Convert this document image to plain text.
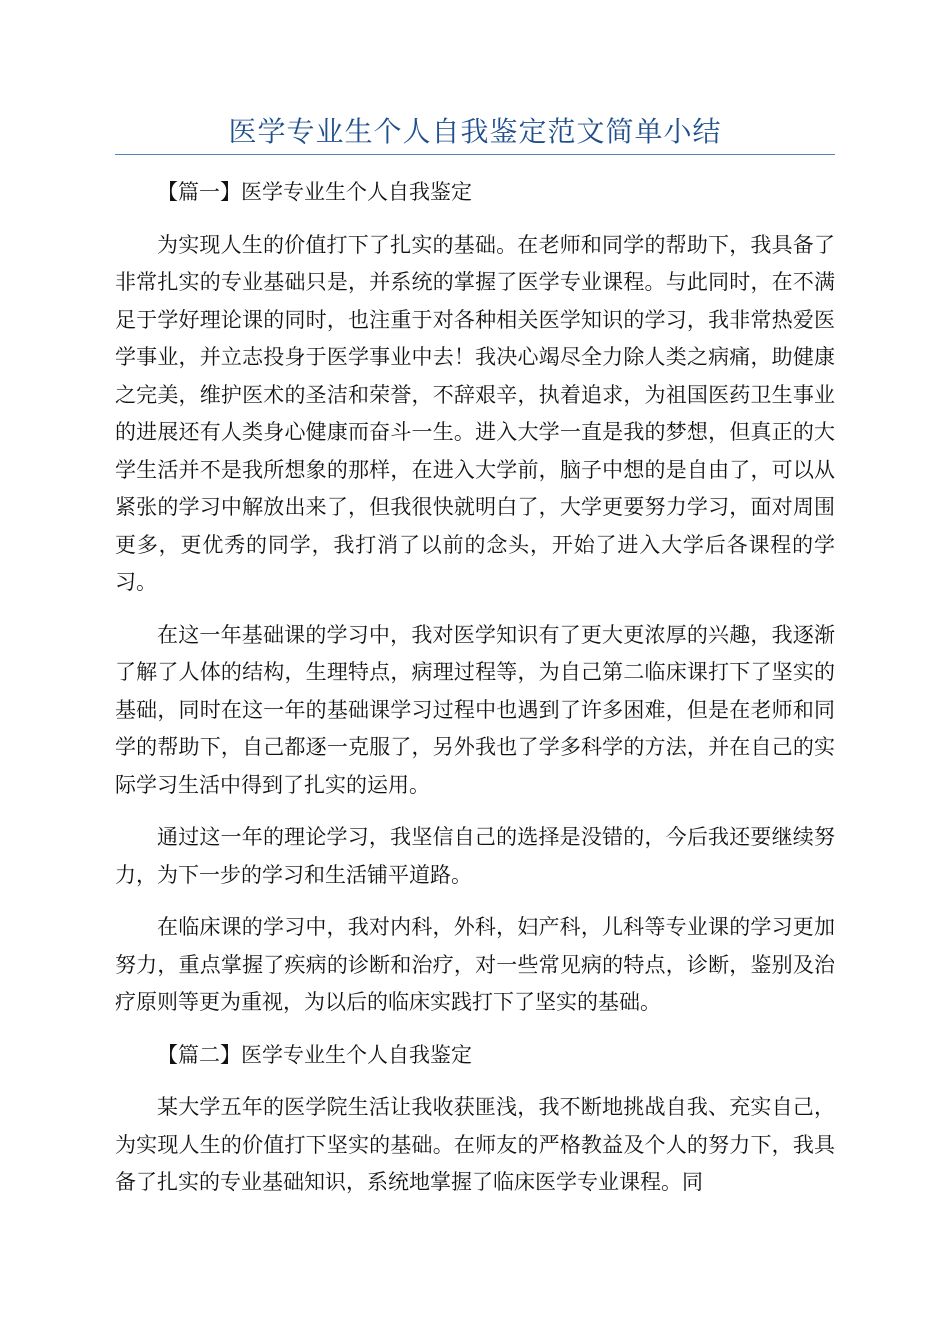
医学专业生个人自我鉴定范文简单小结

【篇一】医学专业生个人自我鉴定

为实现人生的价值打下了扎实的基础。在老师和同学的帮助下，我具备了非常扎实的专业基础只是，并系统的掌握了医学专业课程。与此同时，在不满足于学好理论课的同时，也注重于对各种相关医学知识的学习，我非常热爱医学事业，并立志投身于医学事业中去！我决心竭尽全力除人类之病痛，助健康之完美，维护医术的圣洁和荣誉，不辞艰辛，执着追求，为祖国医药卫生事业的进展还有人类身心健康而奋斗一生。进入大学一直是我的梦想，但真正的大学生活并不是我所想象的那样，在进入大学前，脑子中想的是自由了，可以从紧张的学习中解放出来了，但我很快就明白了，大学更要努力学习，面对周围更多，更优秀的同学，我打消了以前的念头，开始了进入大学后各课程的学习。

在这一年基础课的学习中，我对医学知识有了更大更浓厚的兴趣，我逐渐了解了人体的结构，生理特点，病理过程等，为自己第二临床课打下了坚实的基础，同时在这一年的基础课学习过程中也遇到了许多困难，但是在老师和同学的帮助下，自己都逐一克服了，另外我也了学多科学的方法，并在自己的实际学习生活中得到了扎实的运用。

通过这一年的理论学习，我坚信自己的选择是没错的，今后我还要继续努力，为下一步的学习和生活铺平道路。

在临床课的学习中，我对内科，外科，妇产科，儿科等专业课的学习更加努力，重点掌握了疾病的诊断和治疗，对一些常见病的特点，诊断，鉴别及治疗原则等更为重视，为以后的临床实践打下了坚实的基础。

【篇二】医学专业生个人自我鉴定

某大学五年的医学院生活让我收获匪浅，我不断地挑战自我、充实自己，为实现人生的价值打下坚实的基础。在师友的严格教益及个人的努力下，我具备了扎实的专业基础知识，系统地掌握了临床医学专业课程。同
